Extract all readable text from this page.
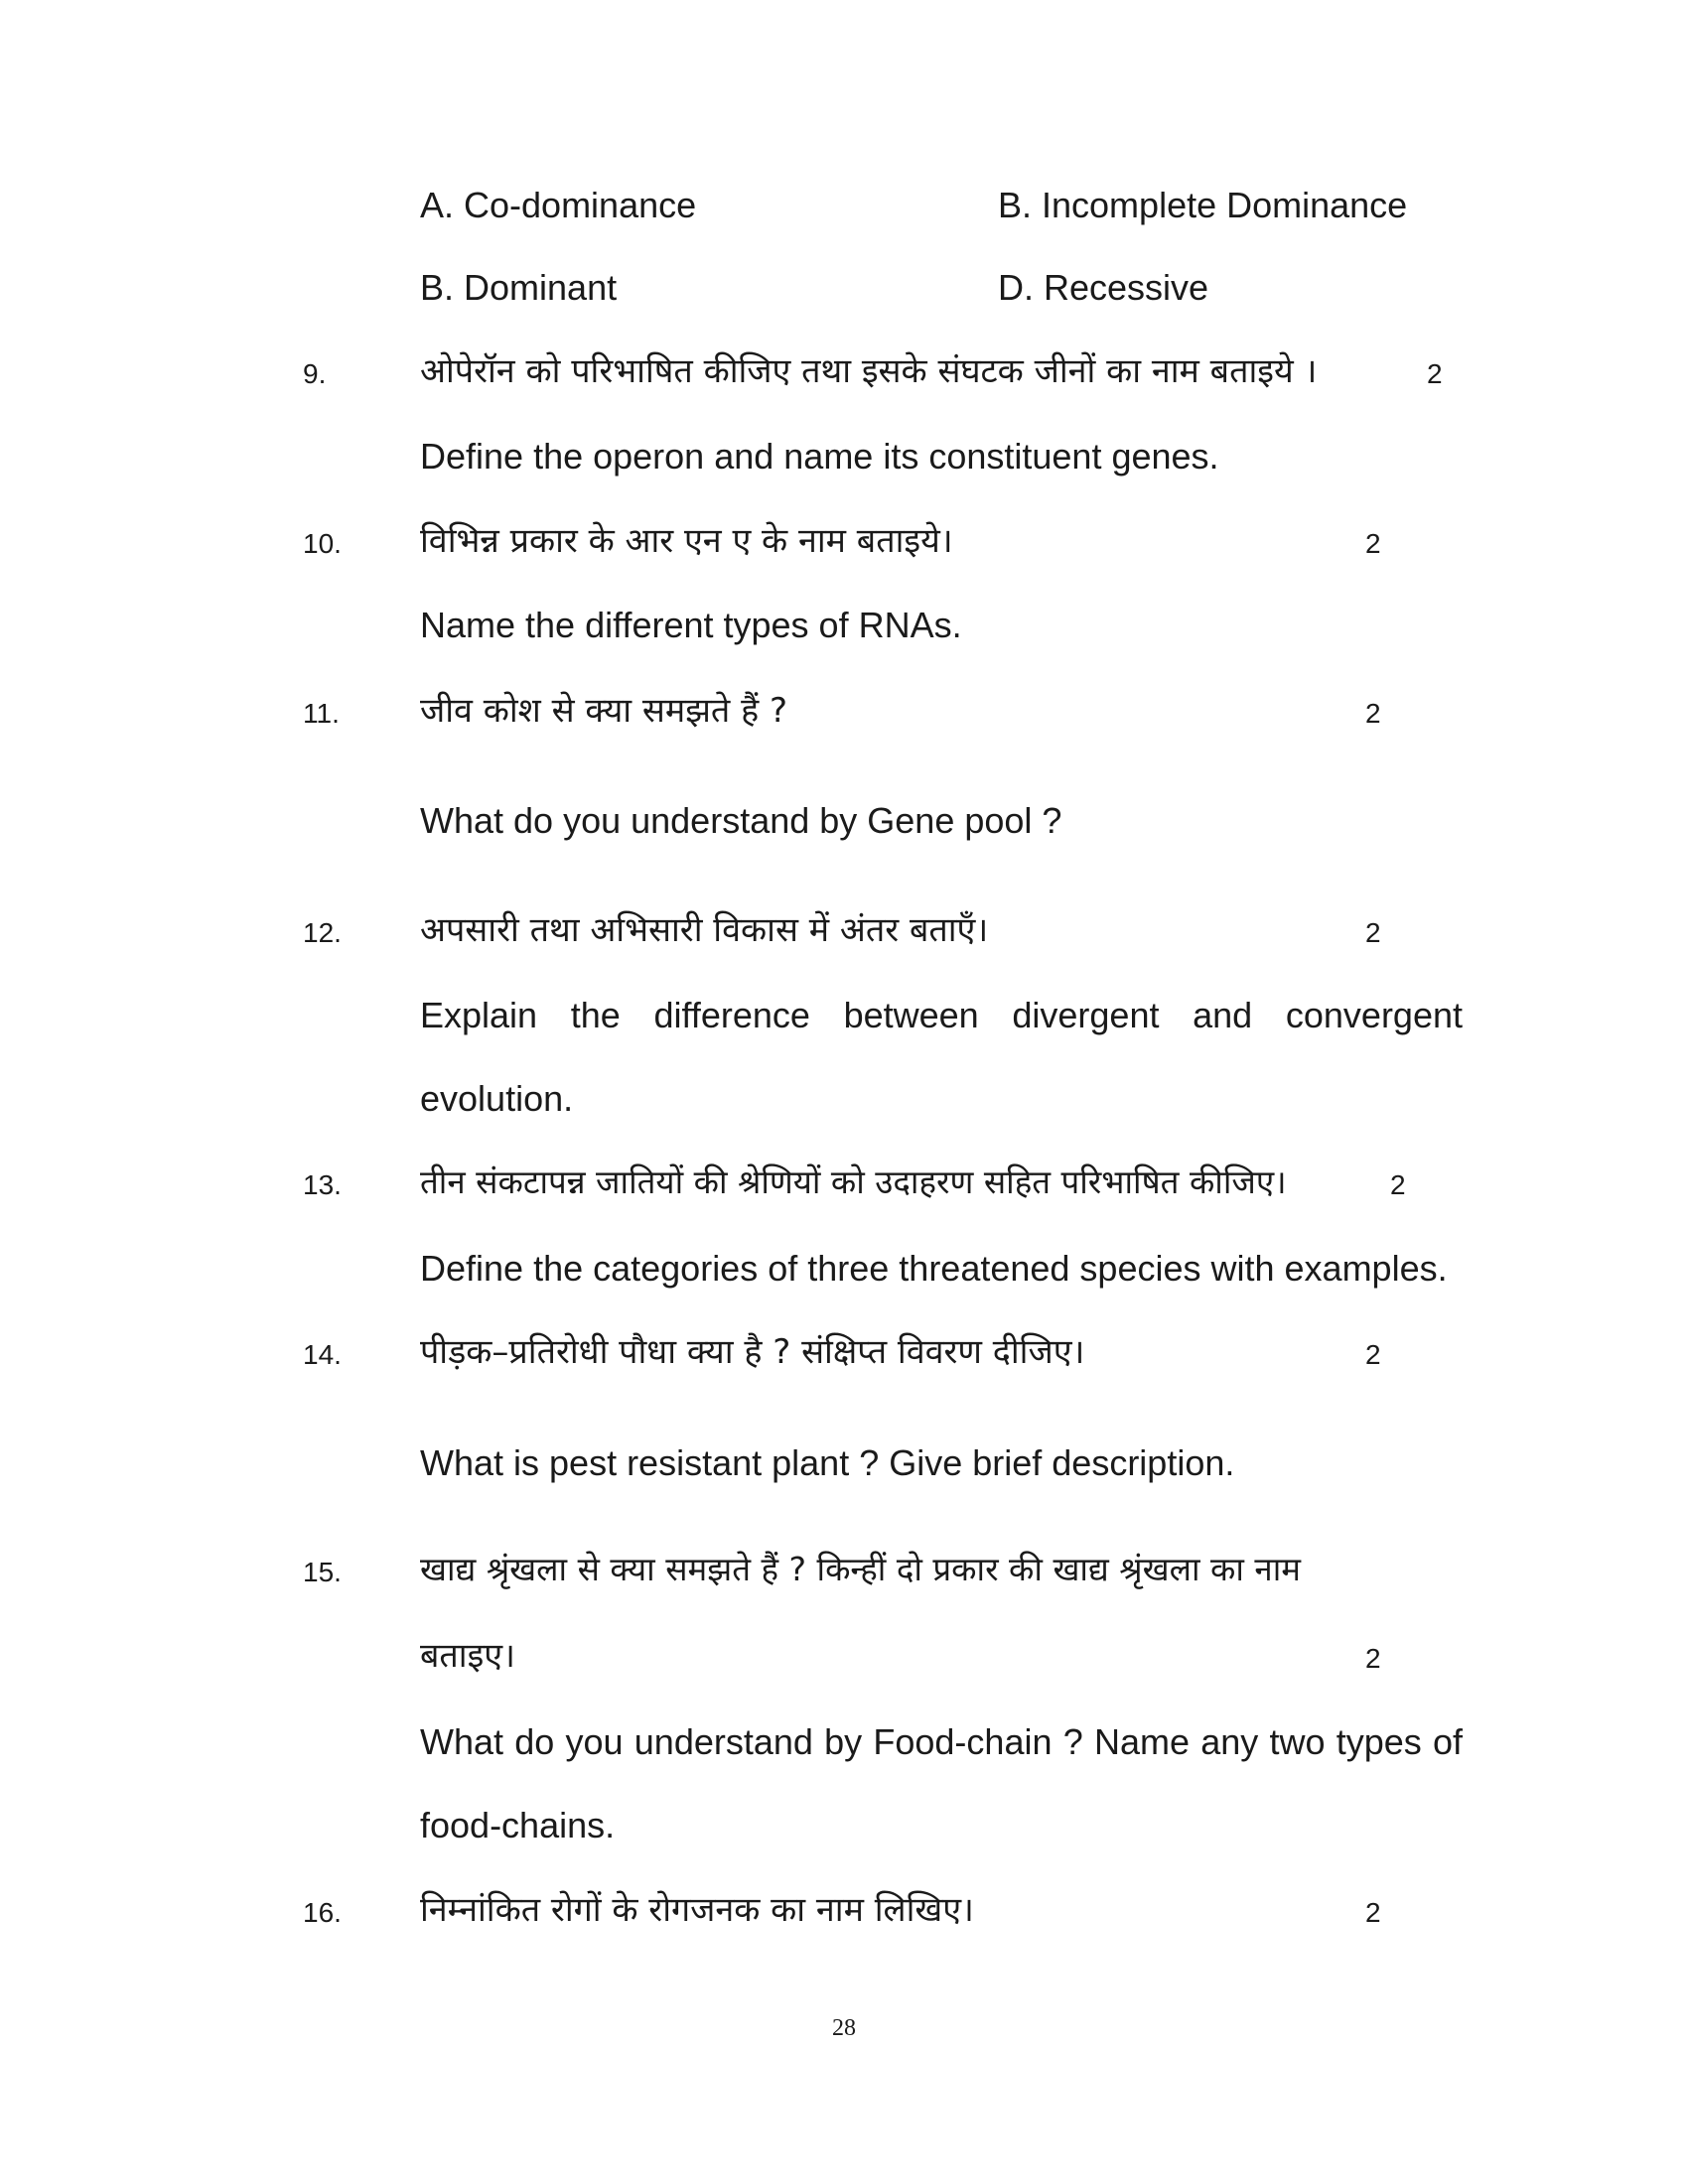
A. Co-dominance	B. Incomplete Dominance
B. Dominant	D. Recessive
9.	ओपेरॉन को परिभाषित कीजिए तथा इसके संघटक जीनों का नाम बताइये ।	2
Define the operon and name its constituent genes.
10. विभिन्न प्रकार के आर एन ए के नाम बताइये।	2
Name the different types of RNAs.
11. जीव कोश से क्या समझते हैं ?	2
What do you understand by Gene pool ?
12. अपसारी तथा अभिसारी विकास में अंतर बताएँ।	2
Explain the difference between divergent and convergent
evolution.
13. तीन संकटापन्न जातियों की श्रेणियों को उदाहरण सहित परिभाषित कीजिए।	2
Define the categories of three threatened species with examples.
14. पीड़क–प्रतिरोधी पौधा क्या है ? संक्षिप्त विवरण दीजिए।	2
What is pest resistant plant ? Give brief description.
15. खाद्य श्रृंखला से क्या समझते हैं ? किन्हीं दो प्रकार की खाद्य श्रृंखला का नाम
बताइए।	2
What do you understand by Food-chain ? Name any two types of
food-chains.
16. निम्नांकित रोगों के रोगजनक का नाम लिखिए।	2
28
